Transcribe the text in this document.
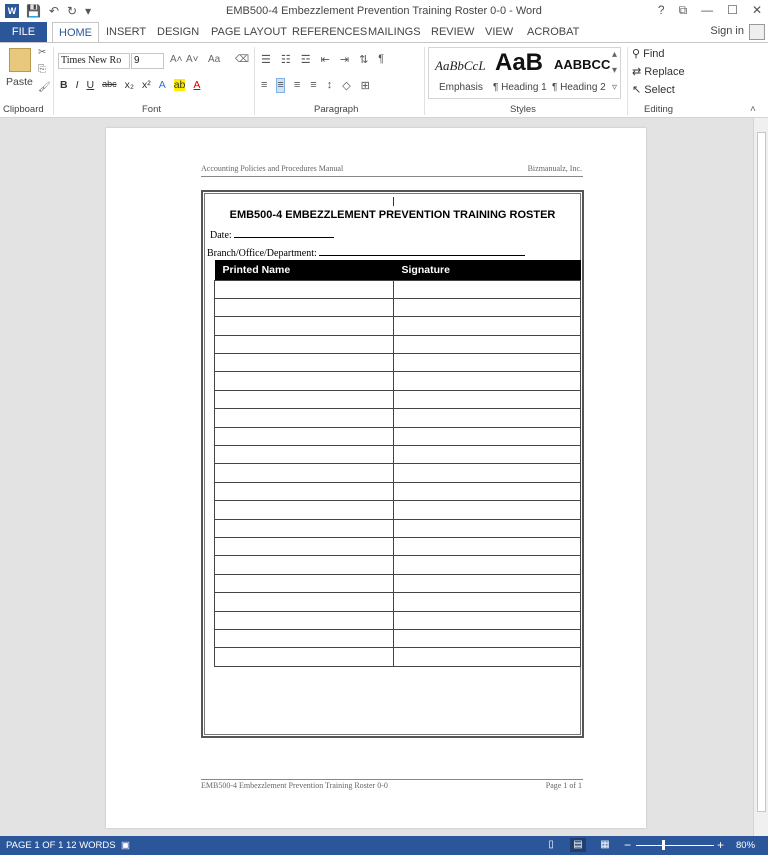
W 💾 ↶ ↻ ▾	EMB500-4 Embezzlement Prevention Training Roster 0-0 - Word	? ⧉ — ☐ ✕
FILE	HOME	INSERT DESIGN	PAGE LAYOUT REFERENCES MAILINGS REVIEW VIEW	ACROBAT	Sign in
Paste
✂
⎘
🖌
Clipboard
Times New Ro	9	A˄ A˅ Aa ⌫
B I U abc x₂ x² A ab A
Font
☰ ☷ ☲ ⇤ ⇥ ⇅ ¶
≡ ≡ ≡ ≡ ↕ ◇ ⊞
Paragraph
AaBbCcL
Emphasis
AaB
¶ Heading 1
AABBCC
¶ Heading 2
▴
▾
▿
Styles
⚲ Find
⇄ Replace
↖ Select
Editing	˄
Accounting Policies and Procedures Manual	Bizmanualz, Inc.
EMB500-4 EMBEZZLEMENT PREVENTION TRAINING ROSTER
Date:
Branch/Office/Department:
Printed Name	Signature

EMB500-4 Embezzlement Prevention Training Roster 0-0	Page 1 of 1
PAGE 1 OF 1 12 WORDS ▣	▯	▤	▦ −	+ 80%
